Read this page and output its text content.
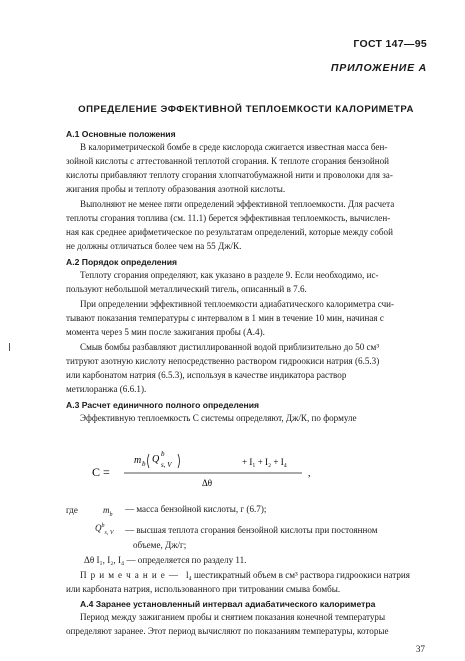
ГОСТ 147—95
ПРИЛОЖЕНИЕ А
ОПРЕДЕЛЕНИЕ ЭФФЕКТИВНОЙ ТЕПЛОЕМКОСТИ КАЛОРИМЕТРА
А.1 Основные положения
В калориметрической бомбе в среде кислорода сжигается известная масса бен-
зойной кислоты с аттестованной теплотой сгорания. К теплоте сгорания бензойной
кислоты прибавляют теплоту сгорания хлопчатобумажной нити и проволоки для за-
жигания пробы и теплоту образования азотной кислоты.
Выполняют не менее пяти определений эффективной теплоемкости. Для расчета
теплоты сгорания топлива (см. 11.1) берется эффективная теплоемкость, вычислен-
ная как среднее арифметическое по результатам определений, которые между собой
не должны отличаться более чем на 55 Дж/К.
А.2 Порядок определения
Теплоту сгорания определяют, как указано в разделе 9. Если необходимо, ис-
пользуют небольшой металлический тигель, описанный в 7.6.
При определении эффективной теплоемкости адиабатического калориметра счи-
тывают показания температуры с интервалом в 1 мин в течение 10 мин, начиная с
момента через 5 мин после зажигания пробы (А.4).
Смыв бомбы разбавляют дистиллированной водой приблизительно до 50 см³
титруют азотную кислоту непосредственно раствором гидроокиси натрия (6.5.3)
или карбонатом натрия (6.5.3), используя в качестве индикатора раствор
метилоранжа (6.6.1).
А.3 Расчет единичного полного определения
Эффективную теплоемкость С системы определяют, Дж/К, по формуле
C =
m b Q b
s, V	+ I₁ + I₂ + I₄
Δθ
,
где	$m_b$
— масса бензойной кислоты, г (6.7);
$Q^b_{s, V}$ — высшая теплота сгорания бензойной кислоты при постоянном
объеме, Дж/г;
Δθ I₁, I₂, I₄ — определяется по разделу 11.
П р и м е ч а н и е — l₄ шестикратный объем в см³ раствора гидроокиси натрия
или карбоната натрия, использованного при титровании смыва бомбы.
А.4 Заранее установленный интервал адиабатического калориметра
Период между зажиганием пробы и снятием показания конечной температуры
определяют заранее. Этот период вычисляют по показаниям температуры, которые
37
